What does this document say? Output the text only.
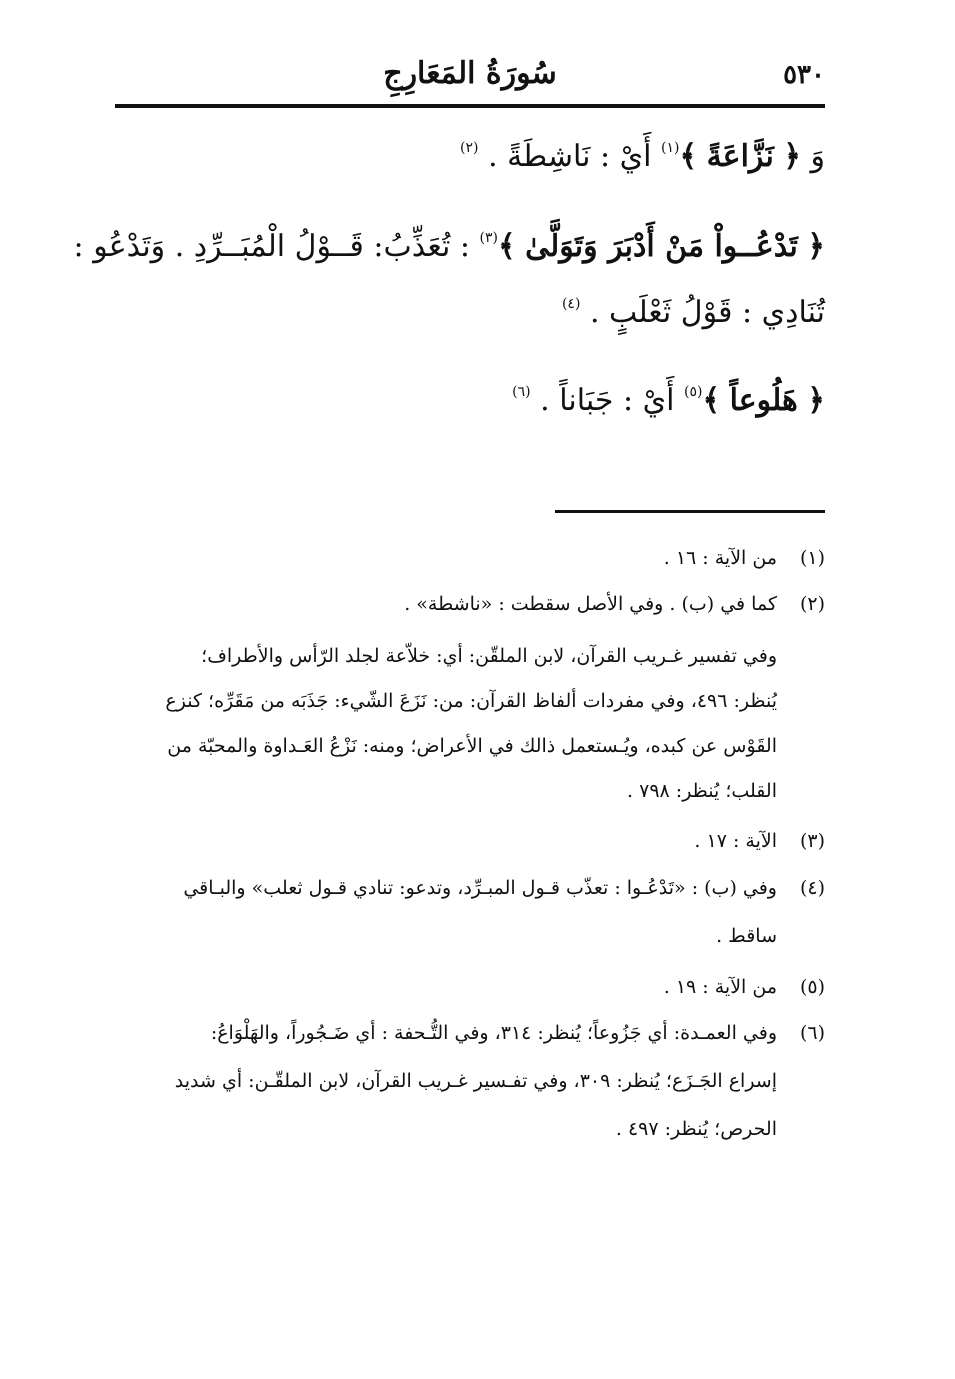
٥٣٠
سُورَةُ المَعَارِجِ
وَ ﴿ نَزَّاعَةً ﴾$^{(١)}$ أَيْ : نَاشِطَةً . $^{(٢)}$
﴿ تَدْعُــواْ مَنْ أَدْبَرَ وَتَوَلَّىٰ ﴾$^{(٣)}$ : تُعَذِّبُ: قَــوْلُ الْمُبَــرِّدِ . وَتَدْعُو :
تُنَادِي : قَوْلُ ثَعْلَبٍ . $^{(٤)}$
﴿ هَلُوعاً ﴾$^{(٥)}$ أَيْ : جَبَاناً . $^{(٦)}$
(١)من الآية : ١٦ .
(٢)كما في (ب) . وفي الأصل سقطت : «ناشطة» .
وفي تفسير غـريب القرآن، لابن الملقّن: أي: خلاّعة لجلد الرّأس والأطراف؛
يُنظر: ٤٩٦، وفي مفردات ألفاظ القرآن: من: نَزَعَ الشّيء: جَذَبَه من مَقَرِّه؛ كنزع
القَوْس عن كبده، ويُـستعمل ذالك في الأعراض؛ ومنه: نَزْعُ العَـداوة والمحبّة من
القلب؛ يُنظر: ٧٩٨ .
(٣)الآية : ١٧ .
(٤)وفي (ب) : «تَدْعُـوا : تعذّب قـول المبـرِّد، وتدعو: تنادي قـول ثعلب» والبـاقي
ساقط .
(٥)من الآية : ١٩ .
(٦)وفي العمـدة: أي جَزُوعاً؛ يُنظر: ٣١٤، وفي التُّـحفة : أي ضَـجُوراً، والهَلْوَاعُ:
إسراع الجَـزَع؛ يُنظر: ٣٠٩، وفي تفـسير غـريب القرآن، لابن الملقّـن: أي شديد
الحرص؛ يُنظر: ٤٩٧ .
